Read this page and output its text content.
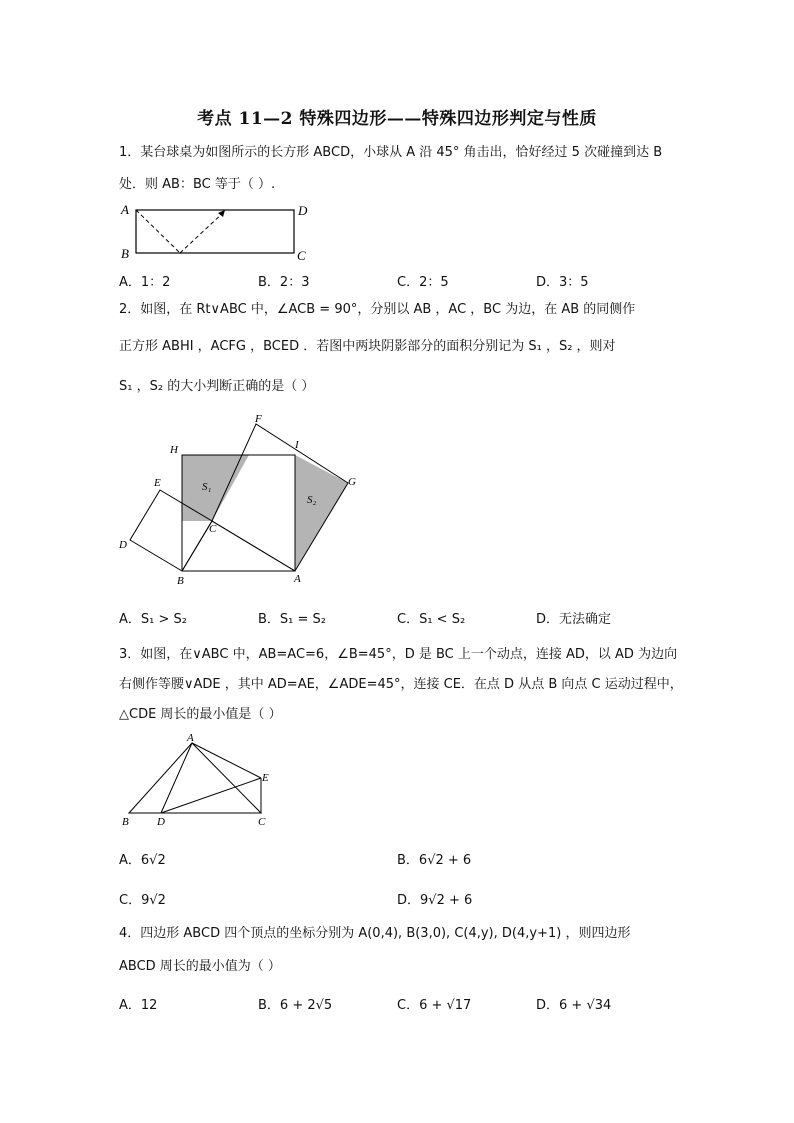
考点 11—2 特殊四边形——特殊四边形判定与性质
1．某台球桌为如图所示的长方形 ABCD，小球从 A 沿 45° 角击出，恰好经过 5 次碰撞到达 B
处．则 AB：BC 等于（ ）.
A	D
B	C
A．1：2	B．2：3	C．2：5	D．3：5
2．如图，在 Rt∨ABC 中，∠ACB = 90°，分别以 AB ，AC ，BC 为边，在 AB 的同侧作
正方形 ABHI ，ACFG ，BCED ．若图中两块阴影部分的面积分别记为 S₁ ，S₂ ，则对
S₁ ，S₂ 的大小判断正确的是（ ）
F
H	I
G
E	S₁
S₂
C
D
B	A
A．S₁ > S₂	B．S₁ = S₂	C．S₁ < S₂	D．无法确定
3．如图，在∨ABC 中，AB=AC=6，∠B=45°，D 是 BC 上一个动点，连接 AD，以 AD 为边向
右侧作等腰∨ADE ，其中 AD=AE，∠ADE=45°，连接 CE．在点 D 从点 B 向点 C 运动过程中，
△CDE 周长的最小值是（ ）
A
E
B	D	C
A．6√2	B．6√2 + 6
C．9√2	D．9√2 + 6
4．四边形 ABCD 四个顶点的坐标分别为 A(0,4), B(3,0), C(4,y), D(4,y+1) ，则四边形
ABCD 周长的最小值为（ ）
A．12	B．6 + 2√5	C．6 + √17	D．6 + √34
